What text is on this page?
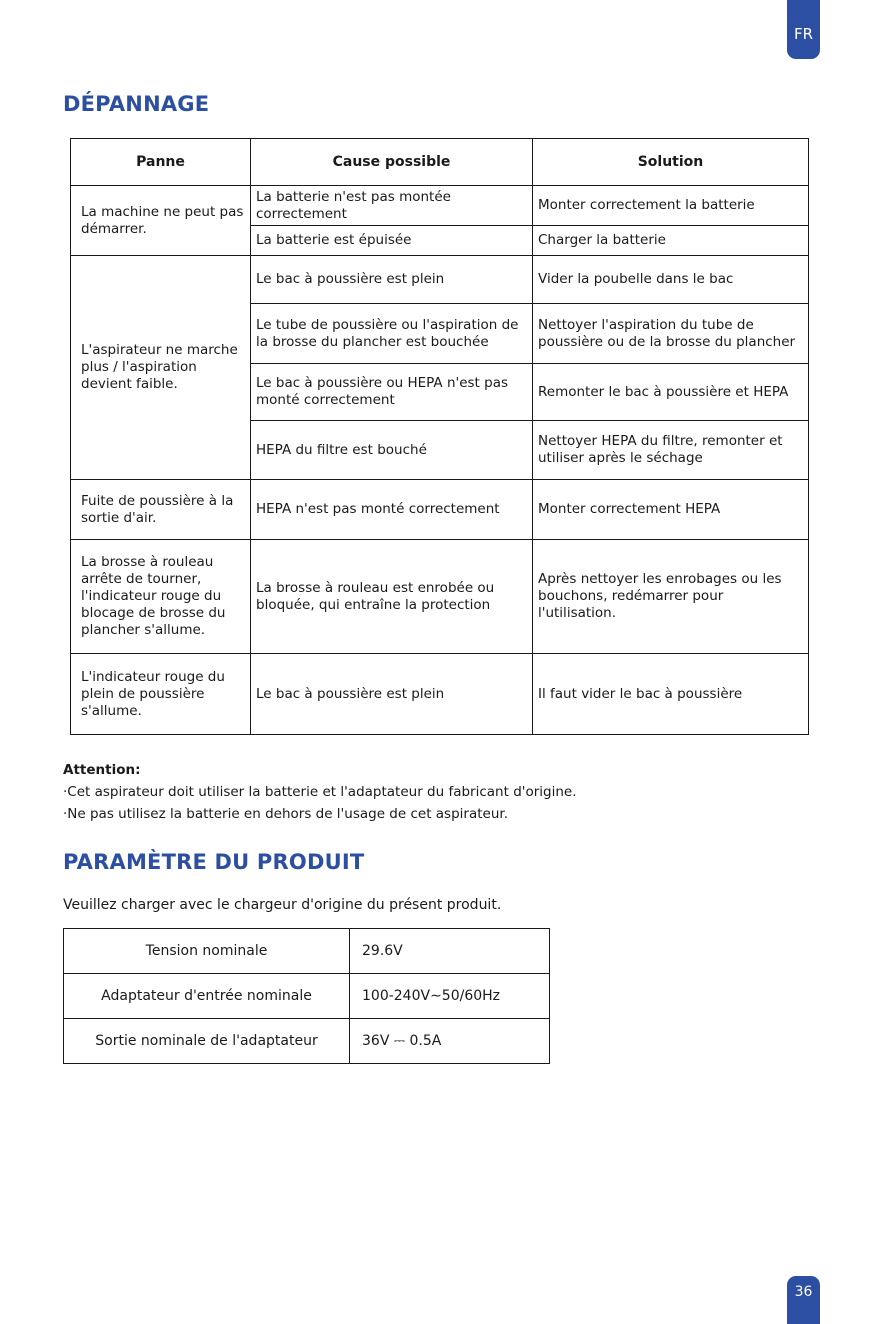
FR
DÉPANNAGE
Panne	Cause possible	Solution
La machine ne peut pas démarrer.	La batterie n'est pas montée correctement	Monter correctement la batterie
	La batterie est épuisée	Charger la batterie
L'aspirateur ne marche plus / l'aspiration devient faible.	Le bac à poussière est plein	Vider la poubelle dans le bac
	Le tube de poussière ou l'aspiration de la brosse du plancher est bouchée	Nettoyer l'aspiration du tube de poussière ou de la brosse du plancher
	Le bac à poussière ou HEPA n'est pas monté correctement	Remonter le bac à poussière et HEPA
	HEPA du filtre est bouché	Nettoyer HEPA du filtre, remonter et utiliser après le séchage
Fuite de poussière à la sortie d'air.	HEPA n'est pas monté correctement	Monter correctement HEPA
La brosse à rouleau arrête de tourner, l'indicateur rouge du blocage de brosse du plancher s'allume.	La brosse à rouleau est enrobée ou bloquée, qui entraîne la protection	Après nettoyer les enrobages ou les bouchons, redémarrer pour l'utilisation.
L'indicateur rouge du plein de poussière s'allume.	Le bac à poussière est plein	Il faut vider le bac à poussière
Attention:
·Cet aspirateur doit utiliser la batterie et l'adaptateur du fabricant d'origine.
·Ne pas utilisez la batterie en dehors de l'usage de cet aspirateur.
PARAMÈTRE DU PRODUIT

Veuillez charger avec le chargeur d'origine du présent produit.

Tension nominale	29.6V
Adaptateur d'entrée nominale	100-240V∼50/60Hz
Sortie nominale de l'adaptateur	36V ⎓ 0.5A
36
